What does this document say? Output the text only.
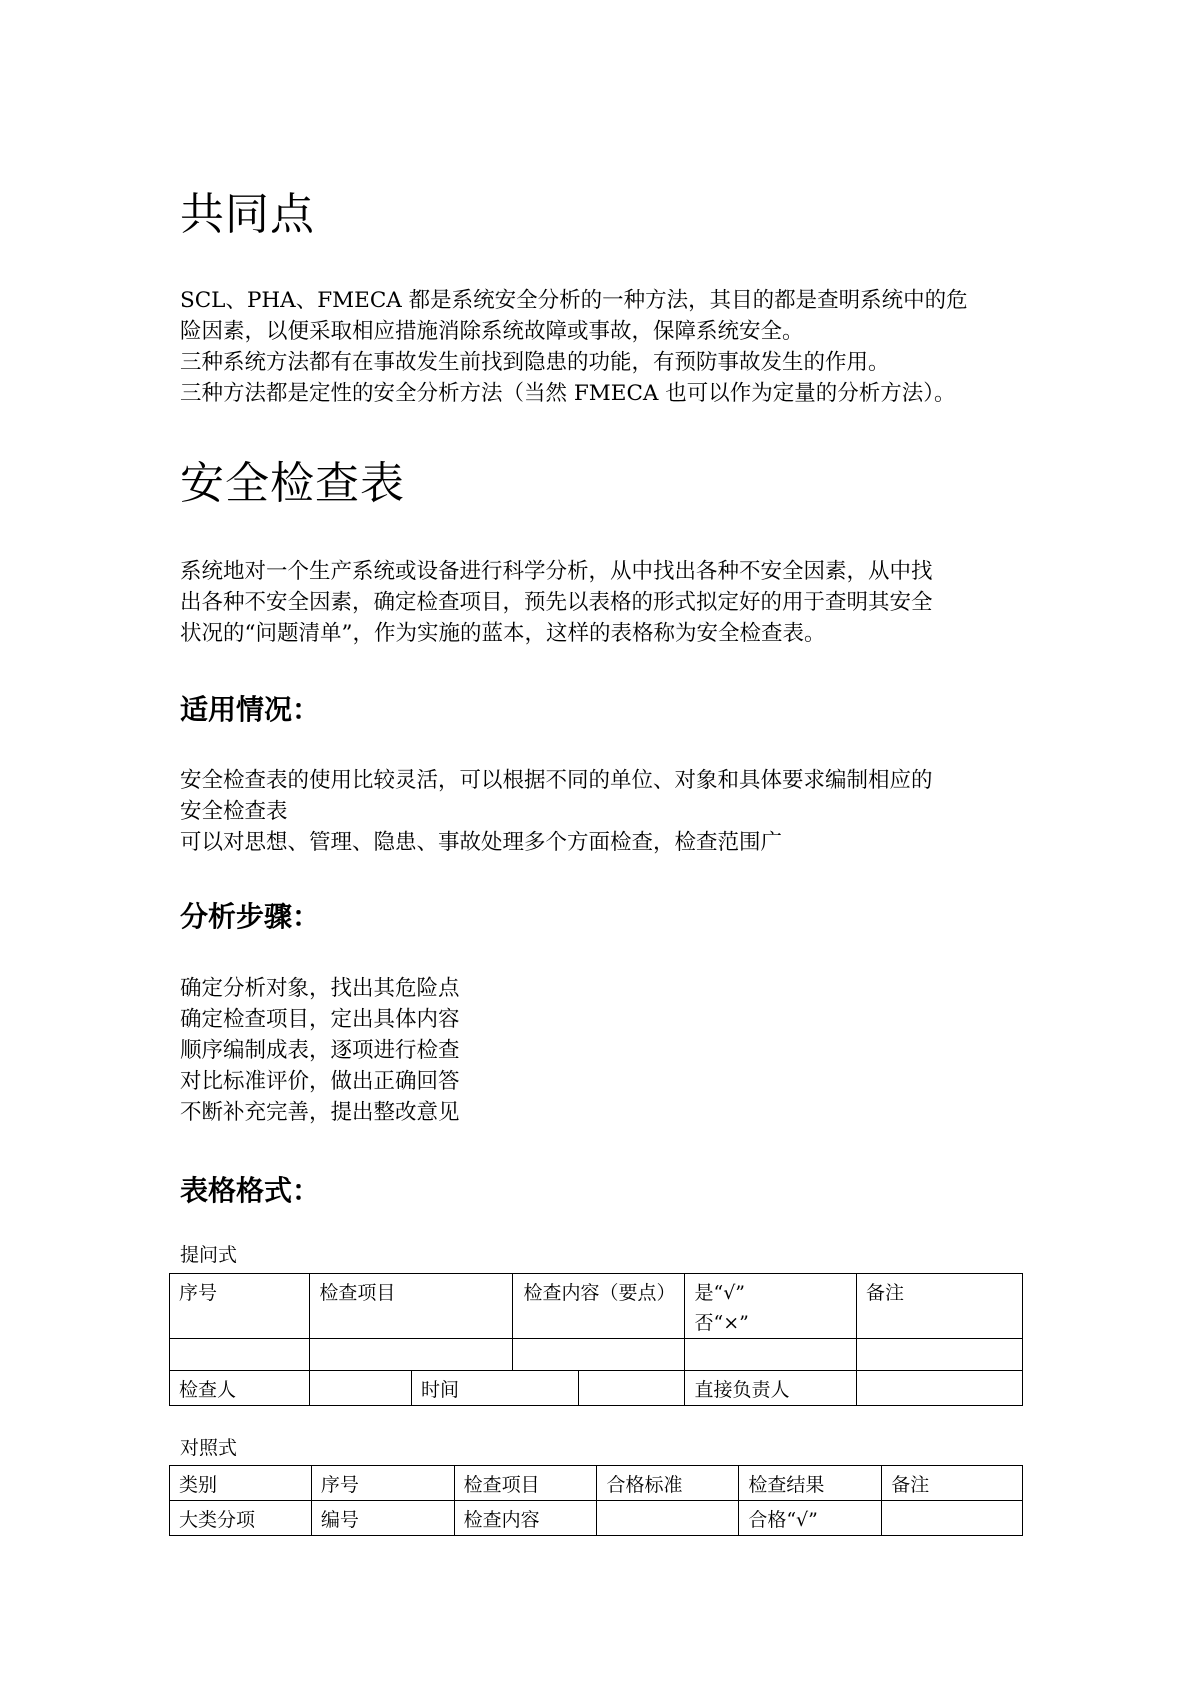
共同点
SCL、PHA、FMECA 都是系统安全分析的一种方法，其目的都是查明系统中的危
险因素，以便采取相应措施消除系统故障或事故，保障系统安全。
三种系统方法都有在事故发生前找到隐患的功能，有预防事故发生的作用。
三种方法都是定性的安全分析方法（当然 FMECA 也可以作为定量的分析方法）。
安全检查表
系统地对一个生产系统或设备进行科学分析，从中找出各种不安全因素，从中找
出各种不安全因素，确定检查项目，预先以表格的形式拟定好的用于查明其安全
状况的“问题清单”，作为实施的蓝本，这样的表格称为安全检查表。
适用情况：
安全检查表的使用比较灵活，可以根据不同的单位、对象和具体要求编制相应的
安全检查表
可以对思想、管理、隐患、事故处理多个方面检查，检查范围广
分析步骤：
确定分析对象，找出其危险点
确定检查项目，定出具体内容
顺序编制成表，逐项进行检查
对比标准评价，做出正确回答
不断补充完善，提出整改意见
表格格式：
提问式
序号	检查项目		检查内容（要点）		是“√”
否“×”	备注

检查人		时间			直接负责人	

对照式
类别	序号	检查项目	合格标准	检查结果	备注

大类分项	编号	检查内容		合格“√”	
